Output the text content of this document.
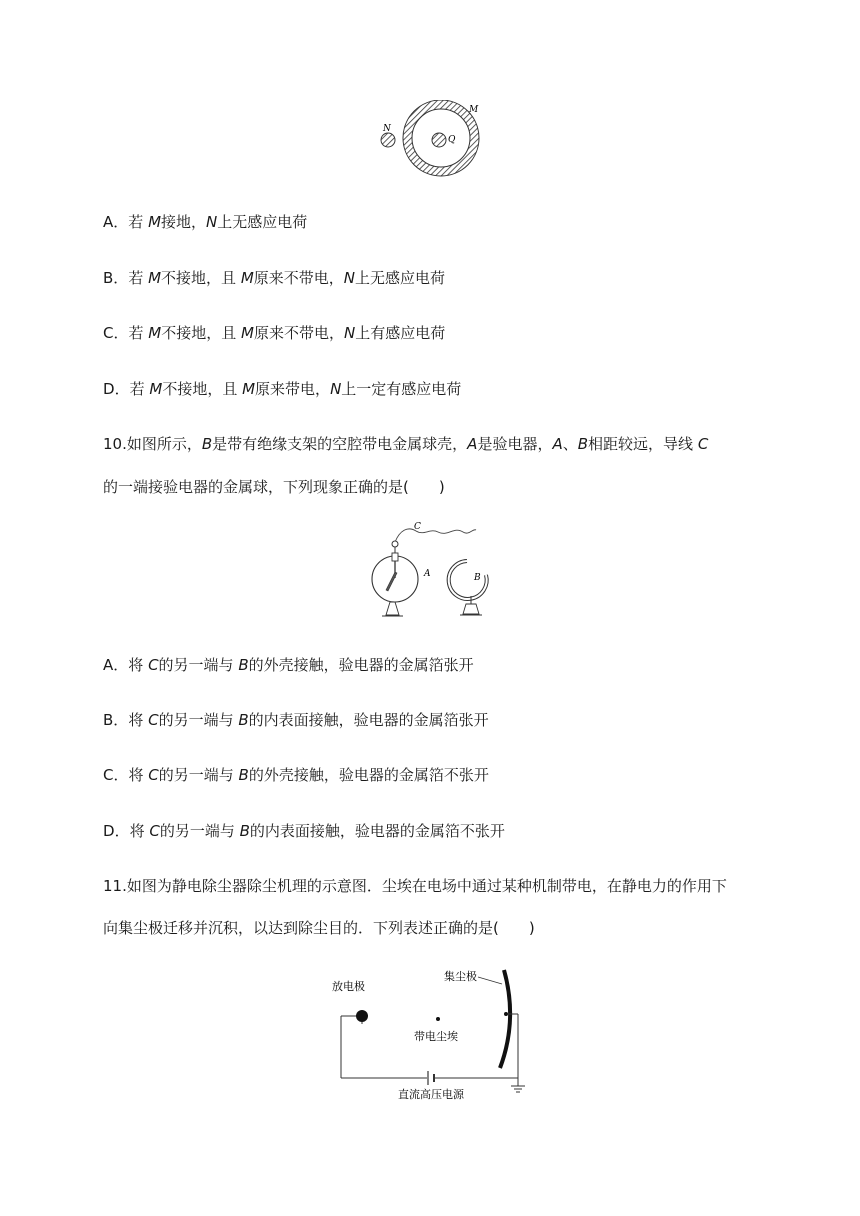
N
M
Q
A．若 M接地，N上无感应电荷
B．若 M不接地，且 M原来不带电，N上无感应电荷
C．若 M不接地，且 M原来不带电，N上有感应电荷
D．若 M不接地，且 M原来带电，N上一定有感应电荷
10.如图所示，B是带有绝缘支架的空腔带电金属球壳，A是验电器，A、B相距较远，导线 C
的一端接验电器的金属球，下列现象正确的是(　　)
C
A	B
A．将 C的另一端与 B的外壳接触，验电器的金属箔张开
B．将 C的另一端与 B的内表面接触，验电器的金属箔张开
C．将 C的另一端与 B的外壳接触，验电器的金属箔不张开
D．将 C的另一端与 B的内表面接触，验电器的金属箔不张开
11.如图为静电除尘器除尘机理的示意图．尘埃在电场中通过某种机制带电，在静电力的作用下
向集尘极迁移并沉积，以达到除尘目的．下列表述正确的是(　　)
放电极
集尘极
带电尘埃
直流高压电源
